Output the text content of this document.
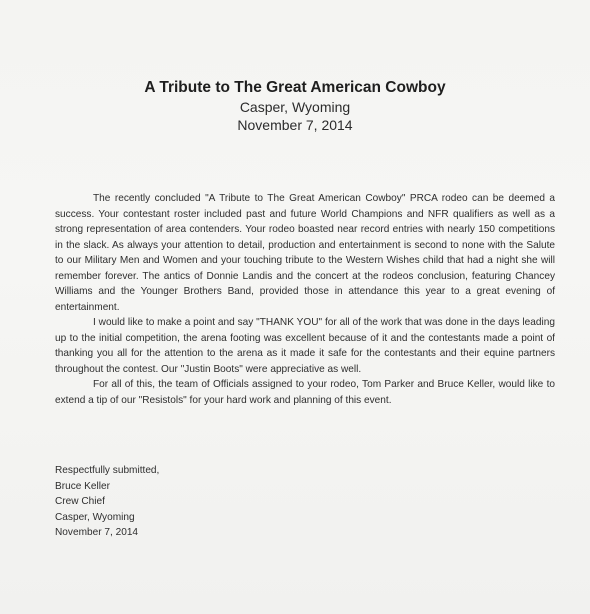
A Tribute to The Great American Cowboy
Casper, Wyoming
November 7, 2014

The recently concluded "A Tribute to The Great American Cowboy" PRCA rodeo can be deemed a success. Your contestant roster included past and future World Champions and NFR qualifiers as well as a strong representation of area contenders. Your rodeo boasted near record entries with nearly 150 competitions in the slack. As always your attention to detail, production and entertainment is second to none with the Salute to our Military Men and Women and your touching tribute to the Western Wishes child that had a night she will remember forever. The antics of Donnie Landis and the concert at the rodeos conclusion, featuring Chancey Williams and the Younger Brothers Band, provided those in attendance this year to a great evening of entertainment.

I would like to make a point and say "THANK YOU" for all of the work that was done in the days leading up to the initial competition, the arena footing was excellent because of it and the contestants made a point of thanking you all for the attention to the arena as it made it safe for the contestants and their equine partners throughout the contest. Our "Justin Boots" were appreciative as well.

For all of this, the team of Officials assigned to your rodeo, Tom Parker and Bruce Keller, would like to extend a tip of our "Resistols" for your hard work and planning of this event.

Respectfully submitted,
Bruce Keller
Crew Chief
Casper, Wyoming
November 7, 2014
